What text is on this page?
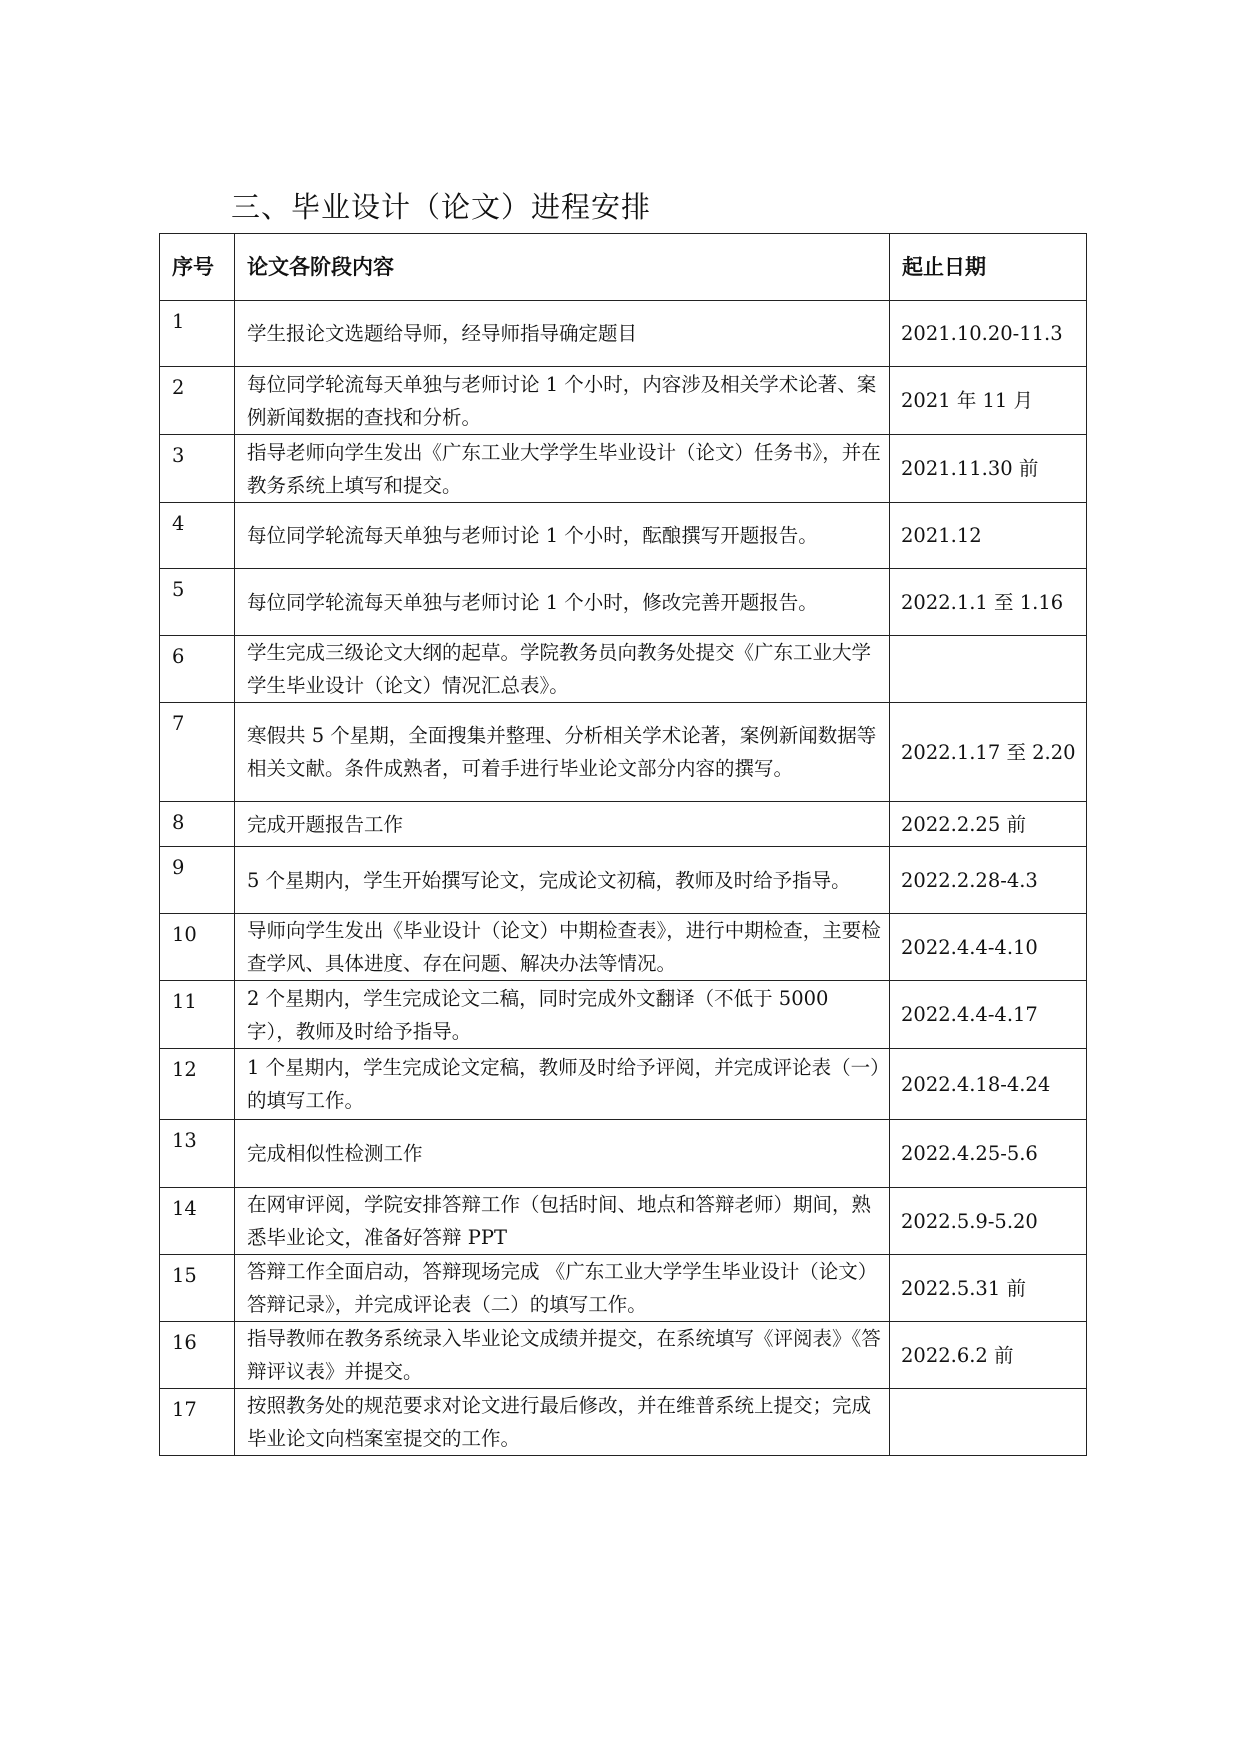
三、毕业设计（论文）进程安排
序号	论文各阶段内容	起止日期
1	学生报论文选题给导师，经导师指导确定题目	2021.10.20-11.3
2	每位同学轮流每天单独与老师讨论 1 个小时，内容涉及相关学术论著、案例新闻数据的查找和分析。	2021 年 11 月
3	指导老师向学生发出《广东工业大学学生毕业设计（论文）任务书》，并在教务系统上填写和提交。	2021.11.30 前
4	每位同学轮流每天单独与老师讨论 1 个小时，酝酿撰写开题报告。	2021.12
5	每位同学轮流每天单独与老师讨论 1 个小时，修改完善开题报告。	2022.1.1 至 1.16
6	学生完成三级论文大纲的起草。学院教务员向教务处提交《广东工业大学学生毕业设计（论文）情况汇总表》。	
7	寒假共 5 个星期，全面搜集并整理、分析相关学术论著，案例新闻数据等相关文献。条件成熟者，可着手进行毕业论文部分内容的撰写。	2022.1.17 至 2.20
8	完成开题报告工作	2022.2.25 前
9	5 个星期内，学生开始撰写论文，完成论文初稿，教师及时给予指导。	2022.2.28-4.3
10	导师向学生发出《毕业设计（论文）中期检查表》，进行中期检查，主要检查学风、具体进度、存在问题、解决办法等情况。	2022.4.4-4.10
11	2 个星期内，学生完成论文二稿，同时完成外文翻译（不低于 5000 字），教师及时给予指导。	2022.4.4-4.17
12	1 个星期内，学生完成论文定稿，教师及时给予评阅，并完成评论表（一）的填写工作。	2022.4.18-4.24
13	完成相似性检测工作	2022.4.25-5.6
14	在网审评阅，学院安排答辩工作（包括时间、地点和答辩老师）期间，熟悉毕业论文，准备好答辩 PPT	2022.5.9-5.20
15	答辩工作全面启动，答辩现场完成 《广东工业大学学生毕业设计（论文）答辩记录》，并完成评论表（二）的填写工作。	2022.5.31 前
16	指导教师在教务系统录入毕业论文成绩并提交，在系统填写《评阅表》《答辩评议表》并提交。	2022.6.2 前
17	按照教务处的规范要求对论文进行最后修改，并在维普系统上提交；完成毕业论文向档案室提交的工作。	
